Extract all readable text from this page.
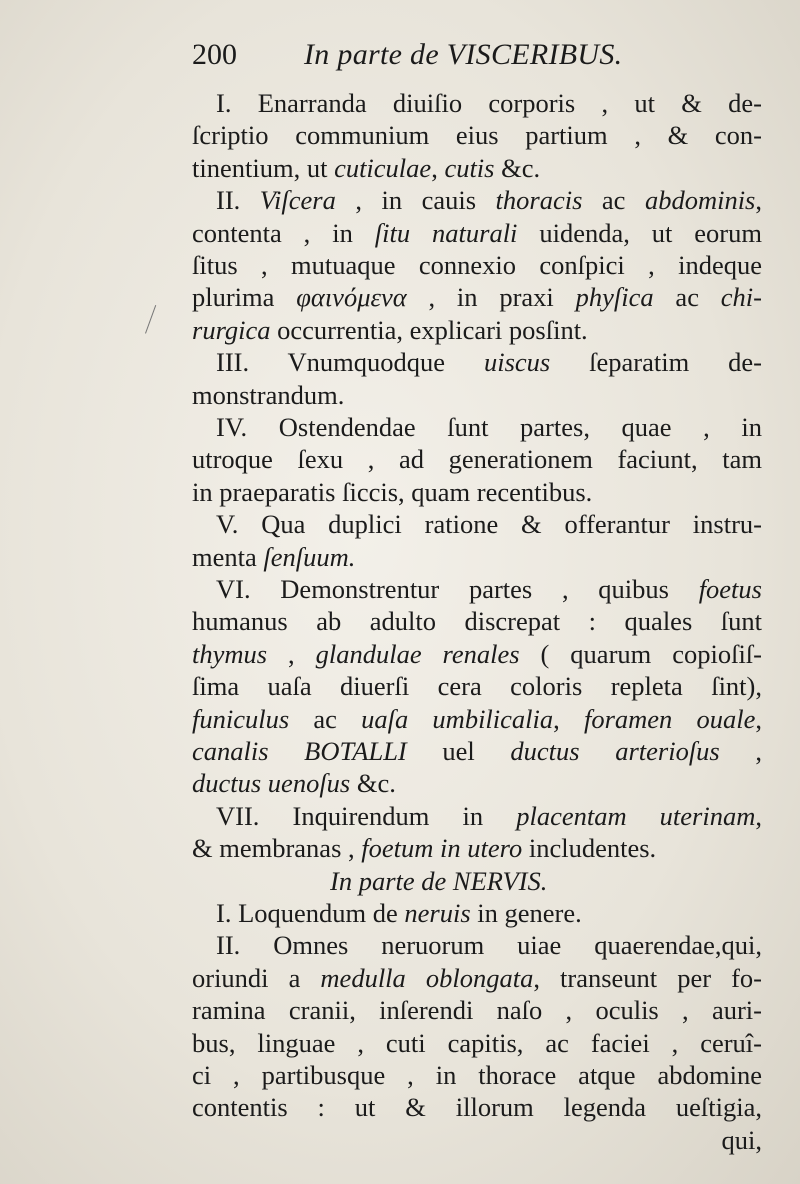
200	In parte de VISCERIBUS.
I. Enarranda diuiſio corporis , ut & de-
ſcriptio communium eius partium , & con-
tinentium, ut cuticulae, cutis &c.
II. Viſcera , in cauis thoracis ac abdominis,
contenta , in ſitu naturali uidenda, ut eorum
ſitus , mutuaque connexio conſpici , indeque
plurima φαινόμενα , in praxi phyſica ac chi-
rurgica occurrentia, explicari posſint.
III. Vnumquodque uiscus ſeparatim de-
monstrandum.
IV. Ostendendae ſunt partes, quae , in
utroque ſexu , ad generationem faciunt, tam
in praeparatis ſiccis, quam recentibus.
V. Qua duplici ratione & offerantur instru-
menta ſenſuum.
VI. Demonstrentur partes , quibus foetus
humanus ab adulto discrepat : quales ſunt
thymus , glandulae renales ( quarum copioſiſ-
ſima uaſa diuerſi cera coloris repleta ſint),
funiculus ac uaſa umbilicalia, foramen ouale,
canalis BOTALLI uel ductus arterioſus ,
ductus uenoſus &c.
VII. Inquirendum in placentam uterinam,
& membranas , foetum in utero includentes.
In parte de NERVIS.
I. Loquendum de neruis in genere.
II. Omnes neruorum uiae quaerendae,qui,
oriundi a medulla oblongata, transeunt per fo-
ramina cranii, inſerendi naſo , oculis , auri-
bus, linguae , cuti capitis, ac faciei , ceruî-
ci , partibusque , in thorace atque abdomine
contentis : ut & illorum legenda ueſtigia,
qui,
